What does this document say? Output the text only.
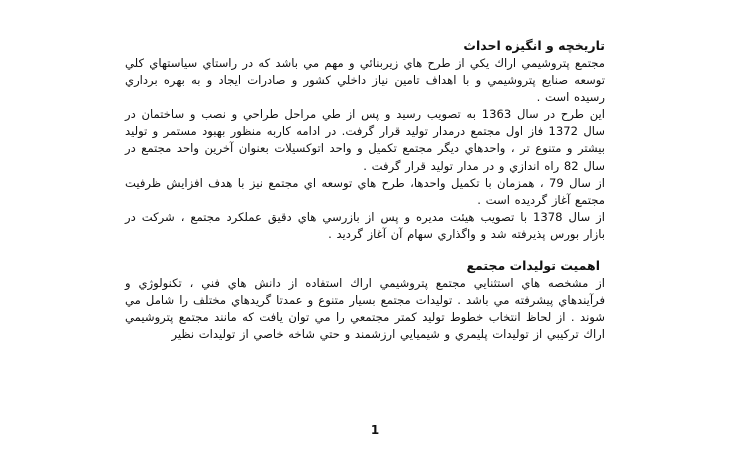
تاريخچه و انگيزه احداث

مجتمع پتروشيمي اراك يكي از طرح هاي زيربنائي و مهم مي باشد كه در راستاي سياستهاي كلي توسعه صنايع پتروشيمي و با اهداف تامين نياز داخلي كشور و صادرات ايجاد و به بهره برداري رسيده است .

اين طرح در سال 1363 به تصويب رسيد و پس از طي مراحل طراحي و نصب و ساختمان در سال 1372 فاز اول مجتمع درمدار توليد قرار گرفت. در ادامه كاربه منظور بهبود مستمر و توليد بيشتر و متنوع تر ، واحدهاي ديگر مجتمع تكميل و واحد اتوكسيلات بعنوان آخرين واحد مجتمع در سال 82 راه اندازي و در مدار توليد قرار گرفت .

از سال 79 ، همزمان با تكميل واحدها، طرح هاي توسعه اي مجتمع نيز با هدف افزايش ظرفيت مجتمع آغاز گرديده است .

از سال 1378 با تصويب هيئت مديره و پس از بازرسي هاي دقيق عملكرد مجتمع ، شركت در بازار بورس پذيرفته شد و واگذاري سهام آن آغاز گرديد .

اهميت توليدات مجتمع

از مشخصه هاي استثنايي مجتمع پتروشيمي اراك استفاده از دانش هاي فني ، تكنولوژي و فرآيندهاي پيشرفته مي باشد . توليدات مجتمع بسيار متنوع و عمدتا گريدهاي مختلف را شامل مي شوند . از لحاظ انتخاب خطوط توليد كمتر مجتمعي را مي توان يافت كه مانند مجتمع پتروشيمي اراك تركيبي از توليدات پليمري و شيميايي ارزشمند و حتي شاخه خاصي از توليدات نظير

1
